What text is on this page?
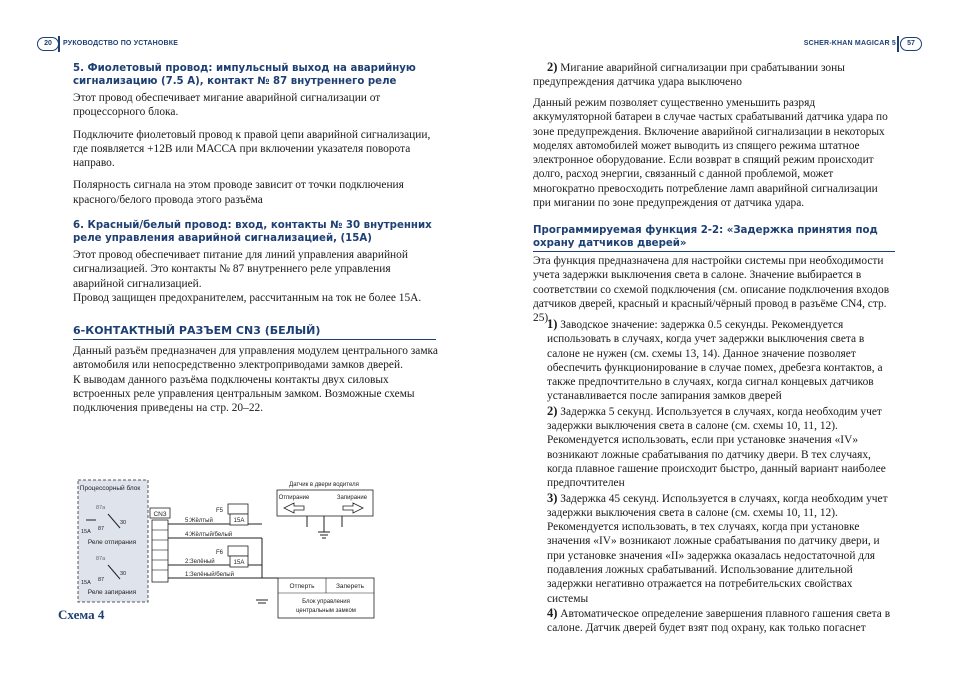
20	РУКОВОДСТВО ПО УСТАНОВКЕ	SCHER-KHAN MAGICAR 5	57
5. Фиолетовый провод: импульсный выход на аварийную сигнализацию (7.5 А), контакт № 87 внутреннего реле

Этот провод обеспечивает мигание аварийной сигнализации от процессорного блока.

Подключите фиолетовый провод к правой цепи аварийной сигнализации, где появляется +12В или МАССА при включении указателя поворота направо.

Полярность сигнала на этом проводе зависит от точки подключения красного/белого провода этого разъёма

6. Красный/белый провод: вход, контакты № 30 внутренних реле управления аварийной сигнализацией, (15А)
Этот провод обеспечивает питание для линий управления аварийной сигнализацией. Это контакты № 87 внутреннего реле управления аварийной сигнализацией.
Провод защищен предохранителем, рассчитанным на ток не более 15А.
6-КОНТАКТНЫЙ РАЗЪЕМ CN3 (БЕЛЫЙ)
Данный разъём предназначен для управления модулем центрального замка автомобиля или непосредственно электроприводами замков дверей.
К выводам данного разъёма подключены контакты двух силовых встроенных реле управления центральным замком. Возможные схемы подключения приведены на стр. 20–22.
Процессорный блок
87a
30
87
15A
Реле отпирания
87a
30
87
15A
Реле запирания
CN3
5:Жёлтый
4:Жёлтый/белый
2:Зелёный
1:Зелёный/белый
F5
15A
F6
15A
Датчик в двери водителя
Отпирание	Запирание
Отперть	Запереть
Блок управления
центральным замком
Схема 4
2) Мигание аварийной сигнализации при срабатывании зоны предупреждения датчика удара выключено
Данный режим позволяет существенно уменьшить разряд аккумуляторной батареи в случае частых срабатываний датчика удара по зоне предупреждения. Включение аварийной сигнализации в некоторых моделях автомобилей может выводить из спящего режима штатное электронное оборудование. Если возврат в спящий режим происходит долго, расход энергии, связанный с данной проблемой, может многократно превосходить потребление ламп аварийной сигнализации при мигании по зоне предупреждения от датчика удара.
Программируемая функция 2-2: «Задержка принятия под охрану датчиков дверей»
Эта функция предназначена для настройки системы при необходимости учета задержки выключения света в салоне. Значение выбирается в соответствии со схемой подключения (см. описание подключения входов датчиков дверей, красный и красный/чёрный провод в разъёме CN4, стр. 25).
1) Заводское значение: задержка 0.5 секунды. Рекомендуется использовать в случаях, когда учет задержки выключения света в салоне не нужен (см. схемы 13, 14). Данное значение позволяет обеспечить функционирование в случае помех, дребезга контактов, а также предпочтительно в случаях, когда сигнал концевых датчиков устанавливается после запирания замков дверей
2) Задержка 5 секунд. Используется в случаях, когда необходим учет задержки выключения света в салоне (см. схемы 10, 11, 12). Рекомендуется использовать, если при установке значения «IV» возникают ложные срабатывания по датчику двери. В тех случаях, когда плавное гашение происходит быстро, данный вариант наиболее предпочтителен
3) Задержка 45 секунд. Используется в случаях, когда необходим учет задержки выключения света в салоне (см. схемы 10, 11, 12). Рекомендуется использовать, в тех случаях, когда при установке значения «IV» возникают ложные срабатывания по датчику двери, и при установке значения «II» задержка оказалась недостаточной для подавления ложных срабатываний. Использование длительной задержки негативно отражается на потребительских свойствах системы
4) Автоматическое определение завершения плавного гашения света в салоне. Датчик дверей будет взят под охрану, как только погаснет
